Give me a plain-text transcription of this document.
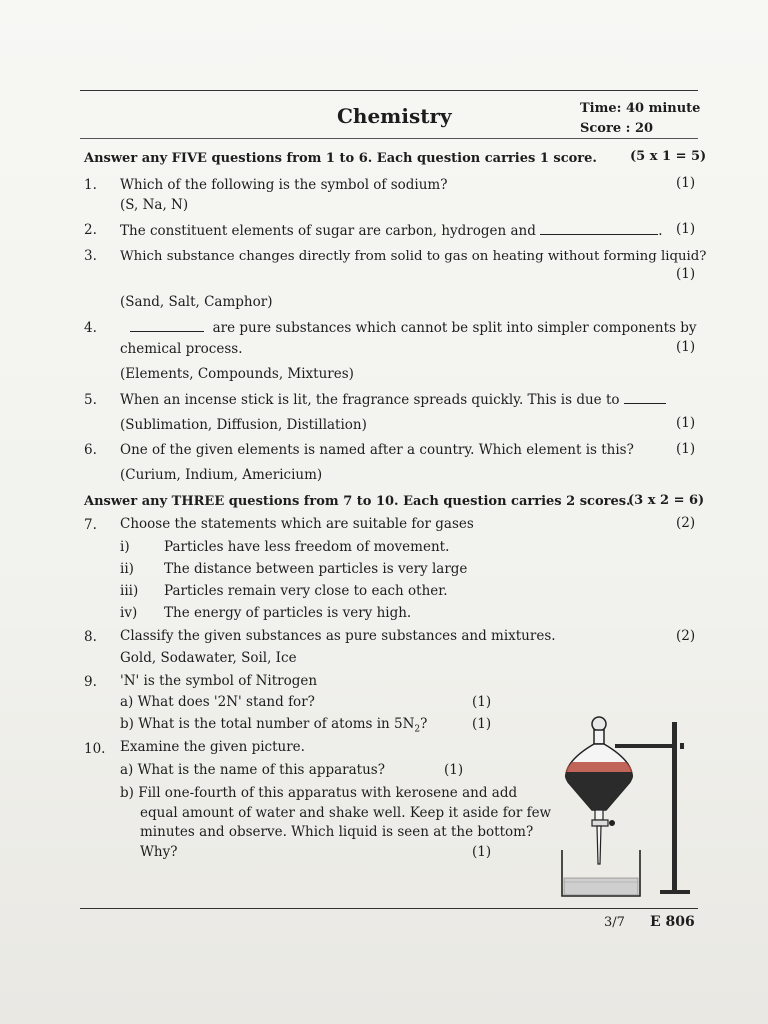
Chemistry	Time: 40 minute
Score : 20
Answer any FIVE questions from 1 to 6. Each question carries 1 score.	(5 x 1 = 5)
1. Which of the following is the symbol of sodium?	(1)
(S, Na, N)
2. The constituent elements of sugar are carbon, hydrogen and	. (1)
3. Which substance changes directly from solid to gas on heating without forming liquid?
(1)
(Sand, Salt, Camphor)
4.	are pure substances which cannot be split into simpler components by
chemical process.	(1)
(Elements, Compounds, Mixtures)
5. When an incense stick is lit, the fragrance spreads quickly. This is due to
(Sublimation, Diffusion, Distillation)	(1)
6. One of the given elements is named after a country. Which element is this?	(1)
(Curium, Indium, Americium)
Answer any THREE questions from 7 to 10. Each question carries 2 scores.
(3 x 2 = 6)
7. Choose the statements which are suitable for gases	(2)
i)	Particles have less freedom of movement.
ii) The distance between particles is very large
iii) Particles remain very close to each other.
iv) The energy of particles is very high.
8. Classify the given substances as pure substances and mixtures.	(2)
Gold, Sodawater, Soil, Ice
9. 'N' is the symbol of Nitrogen
a) What does '2N' stand for?	(1)
b) What is the total number of atoms in $5N_2$?	(1)
10. Examine the given picture.
a) What is the name of this apparatus?	(1)
b) Fill one-fourth of this apparatus with kerosene and add
equal amount of water and shake well. Keep it aside for few
minutes and observe. Which liquid is seen at the bottom?
Why?	(1)
3/7 E 806
